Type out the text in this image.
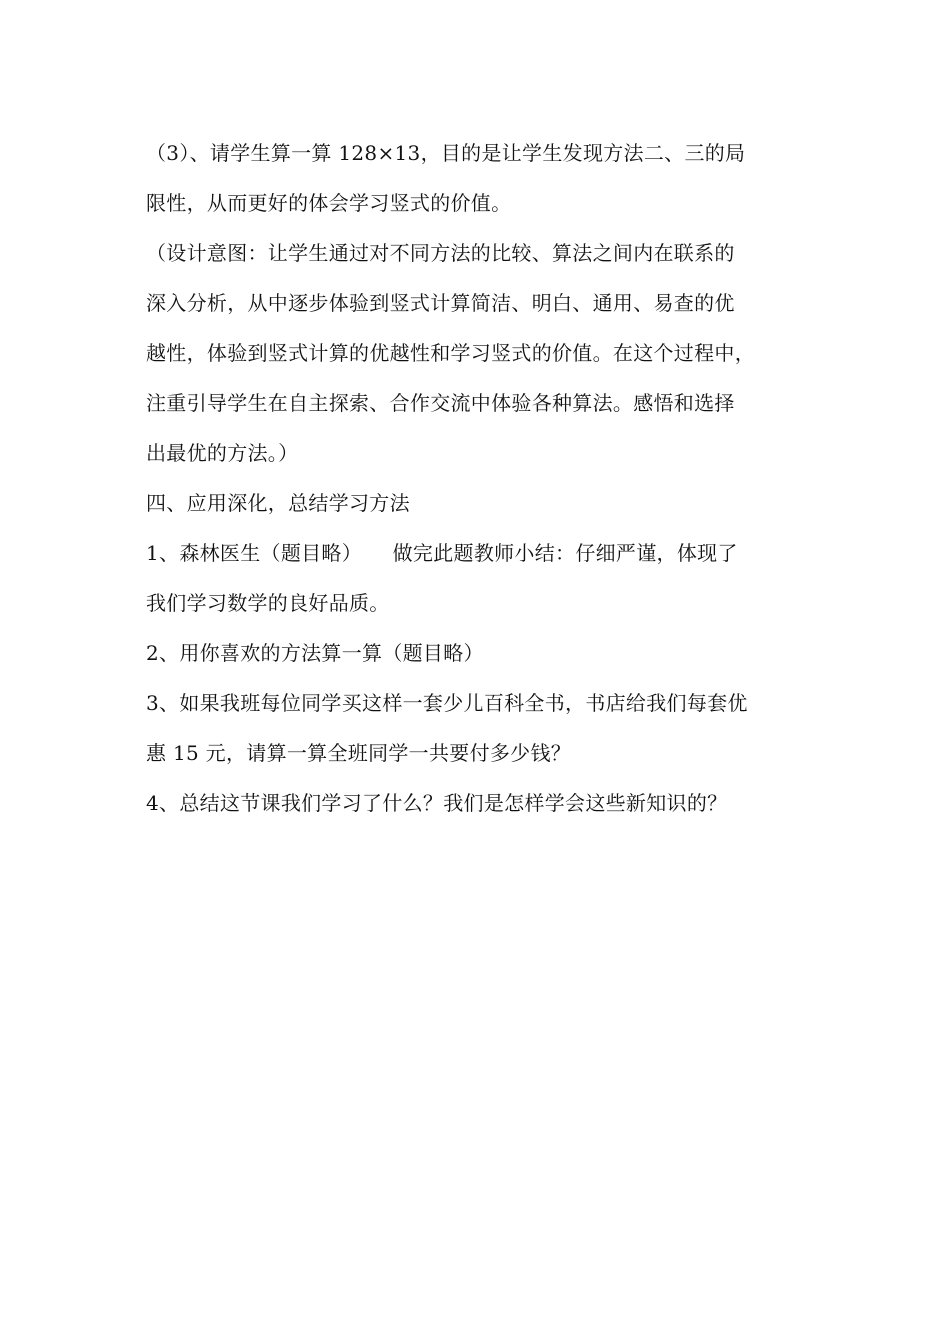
（3）、请学生算一算 128×13，目的是让学生发现方法二、三的局
限性，从而更好的体会学习竖式的价值。
（设计意图：让学生通过对不同方法的比较、算法之间内在联系的
深入分析，从中逐步体验到竖式计算简洁、明白、通用、易查的优
越性，体验到竖式计算的优越性和学习竖式的价值。在这个过程中，
注重引导学生在自主探索、合作交流中体验各种算法。感悟和选择
出最优的方法。）
四、应用深化，总结学习方法
1、森林医生（题目略）　　做完此题教师小结：仔细严谨，体现了
我们学习数学的良好品质。
2、用你喜欢的方法算一算（题目略）
3、如果我班每位同学买这样一套少儿百科全书，书店给我们每套优
惠 15 元，请算一算全班同学一共要付多少钱？
4、总结这节课我们学习了什么？我们是怎样学会这些新知识的？
